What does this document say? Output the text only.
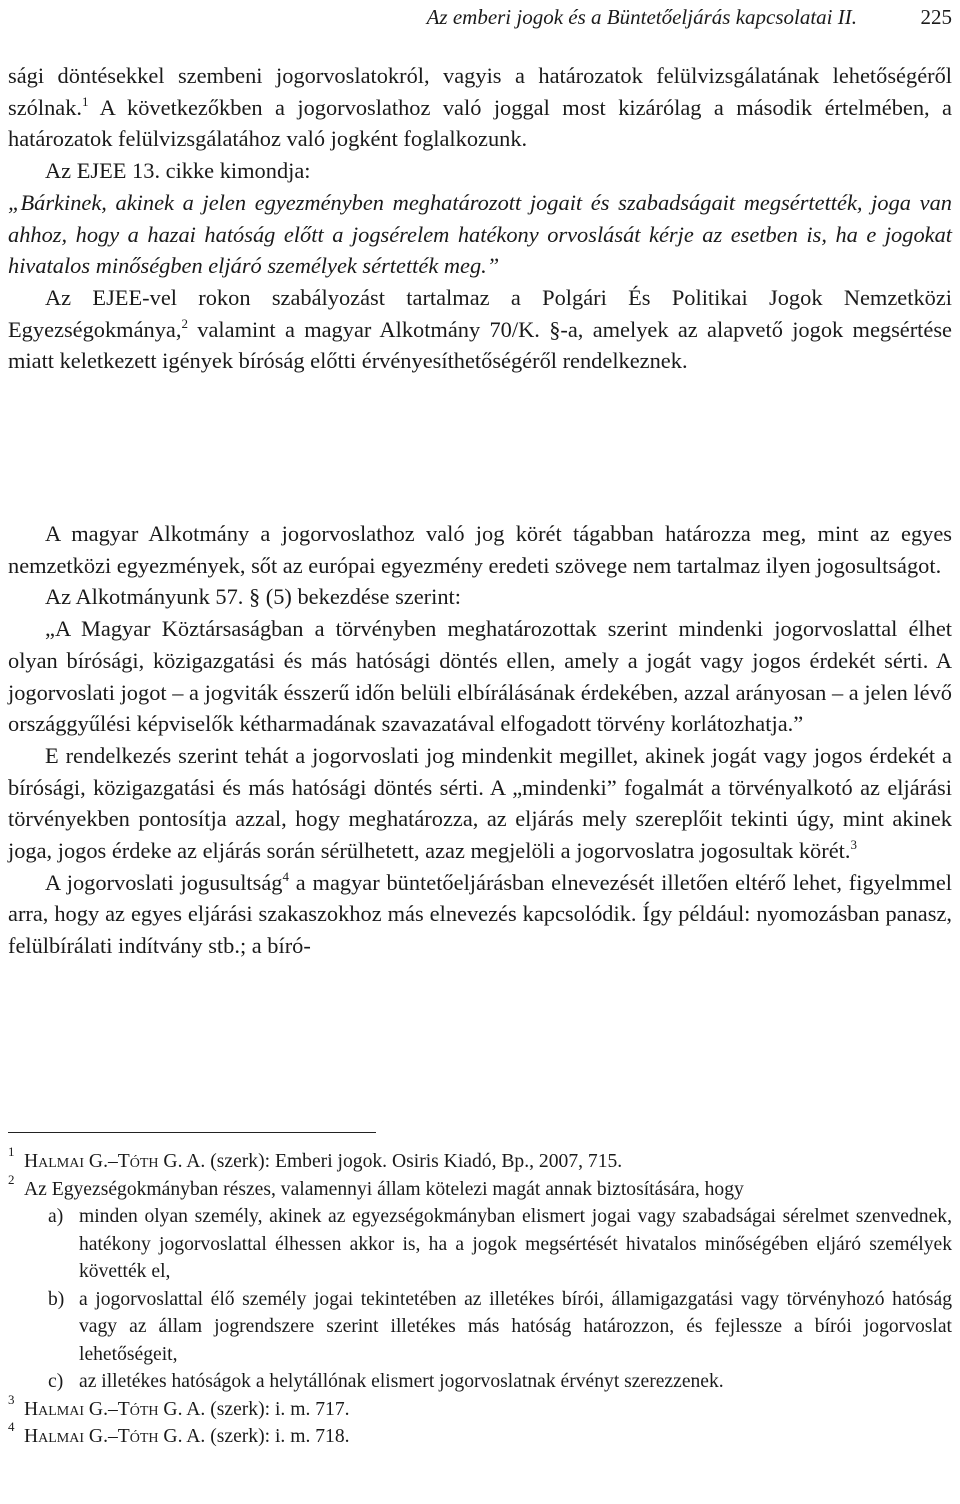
Az emberi jogok és a Büntetőeljárás kapcsolatai II.	225

sági döntésekkel szembeni jogorvoslatokról, vagyis a határozatok felülvizsgálatának lehetőségéről szólnak.$^1$ A következőkben a jogorvoslathoz való joggal most kizárólag a második értelmében, a határozatok felülvizsgálatához való jogként foglalkozunk.

Az EJEE 13. cikke kimondja:

„Bárkinek, akinek a jelen egyezményben meghatározott jogait és szabadságait megsértették, joga van ahhoz, hogy a hazai hatóság előtt a jogsérelem hatékony orvoslását kérje az esetben is, ha e jogokat hivatalos minőségben eljáró személyek sértették meg.”

Az EJEE-vel rokon szabályozást tartalmaz a Polgári És Politikai Jogok Nemzetközi Egyezségokmánya,$^2$ valamint a magyar Alkotmány 70/K. §-a, amelyek az alapvető jogok megsértése miatt keletkezett igények bíróság előtti érvényesíthetőségéről rendelkeznek.

A magyar Alkotmány a jogorvoslathoz való jog körét tágabban határozza meg, mint az egyes nemzetközi egyezmények, sőt az európai egyezmény eredeti szövege nem tartalmaz ilyen jogosultságot.

Az Alkotmányunk 57. § (5) bekezdése szerint:

„A Magyar Köztársaságban a törvényben meghatározottak szerint mindenki jogorvoslattal élhet olyan bírósági, közigazgatási és más hatósági döntés ellen, amely a jogát vagy jogos érdekét sérti. A jogorvoslati jogot – a jogviták ésszerű időn belüli elbírálásának érdekében, azzal arányosan – a jelen lévő országgyűlési képviselők kétharmadának szavazatával elfogadott törvény korlátozhatja.”

E rendelkezés szerint tehát a jogorvoslati jog mindenkit megillet, akinek jogát vagy jogos érdekét a bírósági, közigazgatási és más hatósági döntés sérti. A „mindenki” fogalmát a törvényalkotó az eljárási törvényekben pontosítja azzal, hogy meghatározza, az eljárás mely szereplőit tekinti úgy, mint akinek joga, jogos érdeke az eljárás során sérülhetett, azaz megjelöli a jogorvoslatra jogosultak körét.$^3$

A jogorvoslati jogusultság$^4$ a magyar büntetőeljárásban elnevezését illetően eltérő lehet, figyelmmel arra, hogy az egyes eljárási szakaszokhoz más elnevezés kapcsolódik. Így például: nyomozásban panasz, felülbírálati indítvány stb.; a bíró-

1 Halmai G.–Tóth G. A. (szerk): Emberi jogok. Osiris Kiadó, Bp., 2007, 715.
2 Az Egyezségokmányban részes, valamennyi állam kötelezi magát annak biztosítására, hogy
a) minden olyan személy, akinek az egyezségokmányban elismert jogai vagy szabadságai sérelmet szenvednek, hatékony jogorvoslattal élhessen akkor is, ha a jogok megsértését hivatalos minőségében eljáró személyek követték el,
b) a jogorvoslattal élő személy jogai tekintetében az illetékes bírói, államigazgatási vagy törvényhozó hatóság vagy az állam jogrendszere szerint illetékes más hatóság határozzon, és fejlessze a bírói jogorvoslat lehetőségeit,
c) az illetékes hatóságok a helytállónak elismert jogorvoslatnak érvényt szerezzenek.
3 Halmai G.–Tóth G. A. (szerk): i. m. 717.
4 Halmai G.–Tóth G. A. (szerk): i. m. 718.
